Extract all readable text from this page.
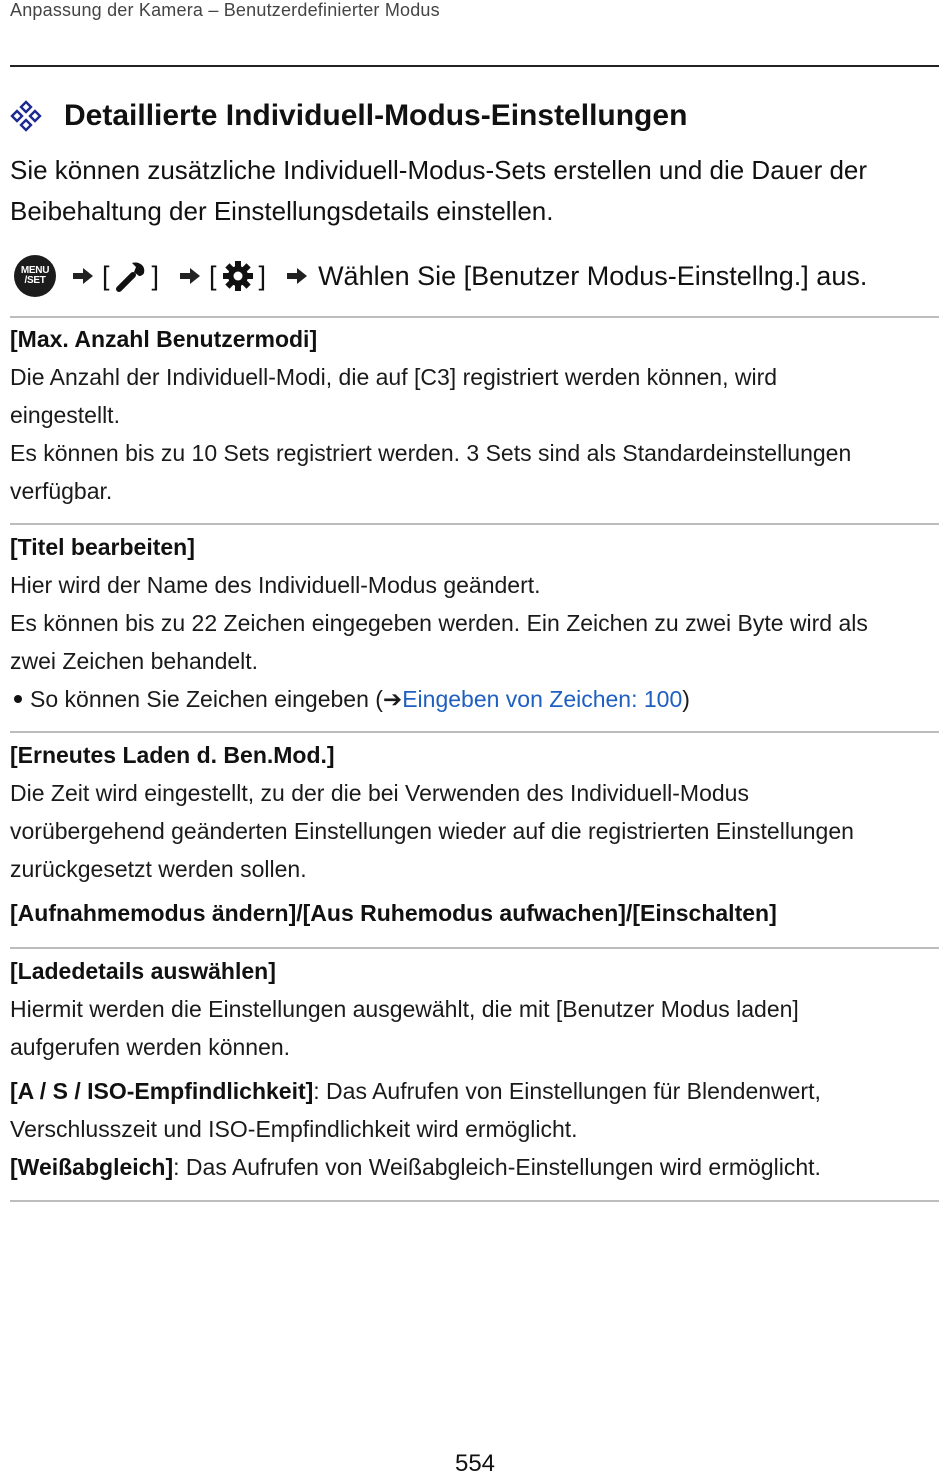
Anpassung der Kamera – Benutzerdefinierter Modus
Detaillierte Individuell-Modus-Einstellungen
Sie können zusätzliche Individuell-Modus-Sets erstellen und die Dauer der
Beibehaltung der Einstellungsdetails einstellen.
MENU
/SET [ ] [ ] Wählen Sie [Benutzer Modus-Einstellng.] aus.
[Max. Anzahl Benutzermodi]
Die Anzahl der Individuell-Modi, die auf [C3] registriert werden können, wird
eingestellt.
Es können bis zu 10 Sets registriert werden. 3 Sets sind als Standardeinstellungen
verfügbar.
[Titel bearbeiten]
Hier wird der Name des Individuell-Modus geändert.
Es können bis zu 22 Zeichen eingegeben werden. Ein Zeichen zu zwei Byte wird als
zwei Zeichen behandelt.
So können Sie Zeichen eingeben ( ➔ Eingeben von Zeichen: 100 )
[Erneutes Laden d. Ben.Mod.]
Die Zeit wird eingestellt, zu der die bei Verwenden des Individuell-Modus
vorübergehend geänderten Einstellungen wieder auf die registrierten Einstellungen
zurückgesetzt werden sollen.
[Aufnahmemodus ändern]/[Aus Ruhemodus aufwachen]/[Einschalten]
[Ladedetails auswählen]
Hiermit werden die Einstellungen ausgewählt, die mit [Benutzer Modus laden]
aufgerufen werden können.
[A / S / ISO-Empfindlichkeit]: Das Aufrufen von Einstellungen für Blendenwert,
Verschlusszeit und ISO-Empfindlichkeit wird ermöglicht.
[Weißabgleich]: Das Aufrufen von Weißabgleich-Einstellungen wird ermöglicht.
554
